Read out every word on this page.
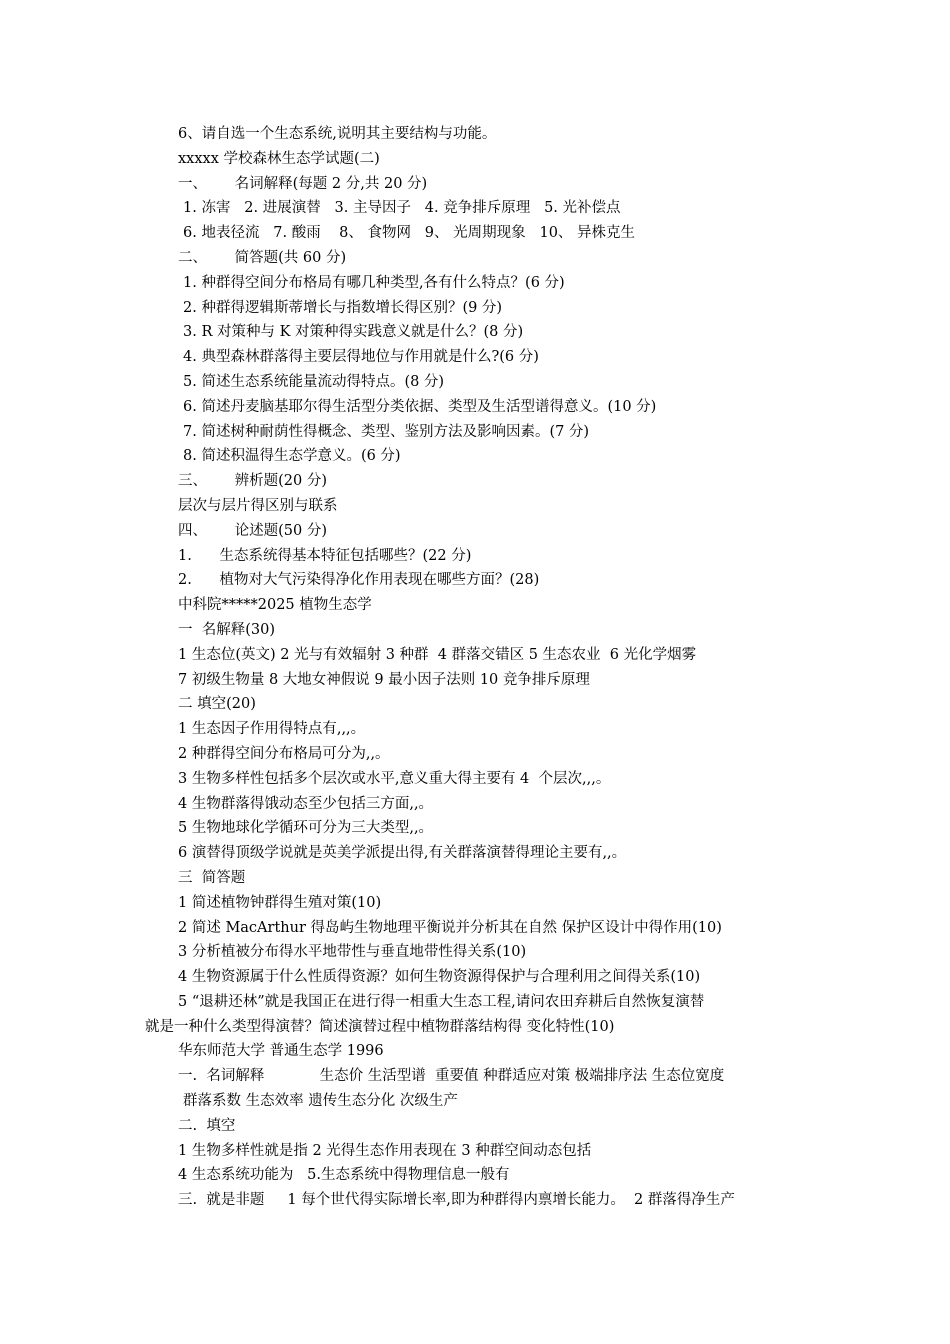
6、请自选一个生态系统,说明其主要结构与功能。
xxxxx 学校森林生态学试题(二)
一、      名词解释(每题 2 分,共 20 分)
1. 冻害   2. 进展演替   3. 主导因子   4. 竞争排斥原理   5. 光补偿点
6. 地表径流   7. 酸雨    8、 食物网   9、 光周期现象   10、 异株克生
二、      简答题(共 60 分)
1. 种群得空间分布格局有哪几种类型,各有什么特点？(6 分)
2. 种群得逻辑斯蒂增长与指数增长得区别？(9 分)
3. R 对策种与 K 对策种得实践意义就是什么？(8 分)
4. 典型森林群落得主要层得地位与作用就是什么?(6 分)
5. 简述生态系统能量流动得特点。(8 分)
6. 简述丹麦脑基耶尔得生活型分类依据、类型及生活型谱得意义。(10 分)
7. 简述树种耐荫性得概念、类型、鉴别方法及影响因素。(7 分)
8. 简述积温得生态学意义。(6 分)
三、      辨析题(20 分)
层次与层片得区别与联系
四、      论述题(50 分)
1.      生态系统得基本特征包括哪些？(22 分)
2.      植物对大气污染得净化作用表现在哪些方面？(28)
中科院*****2025 植物生态学
一  名解释(30)
1 生态位(英文) 2 光与有效辐射 3 种群  4 群落交错区 5 生态农业  6 光化学烟雾
7 初级生物量 8 大地女神假说 9 最小因子法则 10 竞争排斥原理
二 填空(20)
1 生态因子作用得特点有,,,。
2 种群得空间分布格局可分为,,。
3 生物多样性包括多个层次或水平,意义重大得主要有 4  个层次,,,。
4 生物群落得饿动态至少包括三方面,,。
5 生物地球化学循环可分为三大类型,,。
6 演替得顶级学说就是英美学派提出得,有关群落演替得理论主要有,,。
三  简答题
1 简述植物钟群得生殖对策(10)
2 简述 MacArthur 得岛屿生物地理平衡说并分析其在自然 保护区设计中得作用(10)
3 分析植被分布得水平地带性与垂直地带性得关系(10)
4 生物资源属于什么性质得资源？如何生物资源得保护与合理利用之间得关系(10)
5 “退耕还林”就是我国正在进行得一相重大生态工程,请问农田弃耕后自然恢复演替
就是一种什么类型得演替？简述演替过程中植物群落结构得 变化特性(10)
华东师范大学 普通生态学 1996
一.  名词解释            生态价 生活型谱  重要值 种群适应对策 极端排序法 生态位宽度
群落系数 生态效率 遗传生态分化 次级生产
二.  填空
1 生物多样性就是指 2 光得生态作用表现在 3 种群空间动态包括
4 生态系统功能为   5.生态系统中得物理信息一般有
三.  就是非题     1 每个世代得实际增长率,即为种群得内禀增长能力。  2 群落得净生产
